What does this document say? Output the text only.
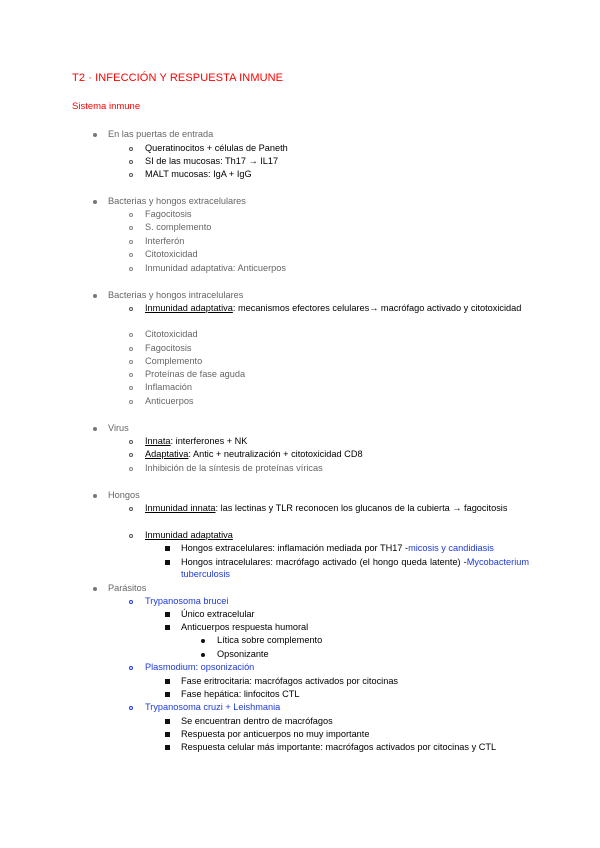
T2 · INFECCIÓN Y RESPUESTA INMUNE
Sistema inmune
En las puertas de entrada
Queratinocitos + células de Paneth
SI de las mucosas: Th17 → IL17
MALT mucosas: IgA + IgG
Bacterias y hongos extracelulares
Fagocitosis
S. complemento
Interferón
Citotoxicidad
Inmunidad adaptativa: Anticuerpos
Bacterias y hongos intracelulares
Inmunidad adaptativa: mecanismos efectores celulares→ macrófago activado y citotoxicidad
Citotoxicidad
Fagocitosis
Complemento
Proteínas de fase aguda
Inflamación
Anticuerpos
Virus
Innata: interferones + NK
Adaptativa: Antic + neutralización + citotoxicidad CD8
Inhibición de la síntesis de proteínas víricas
Hongos
Inmunidad innata: las lectinas y TLR reconocen los glucanos de la cubierta → fagocitosis
Inmunidad adaptativa
Hongos extracelulares: inflamación mediada por TH17 -micosis y candidiasis
Hongos intracelulares: macrófago activado (el hongo queda latente) -Mycobacterium tuberculosis
Parásitos
Trypanosoma brucei
Único extracelular
Anticuerpos respuesta humoral
Lítica sobre complemento
Opsonizante
Plasmodium: opsonización
Fase eritrocitaria: macrófagos activados por citocinas
Fase hepática: linfocitos CTL
Trypanosoma cruzi + Leishmania
Se encuentran dentro de macrófagos
Respuesta por anticuerpos no muy importante
Respuesta celular más importante: macrófagos activados por citocinas y CTL
